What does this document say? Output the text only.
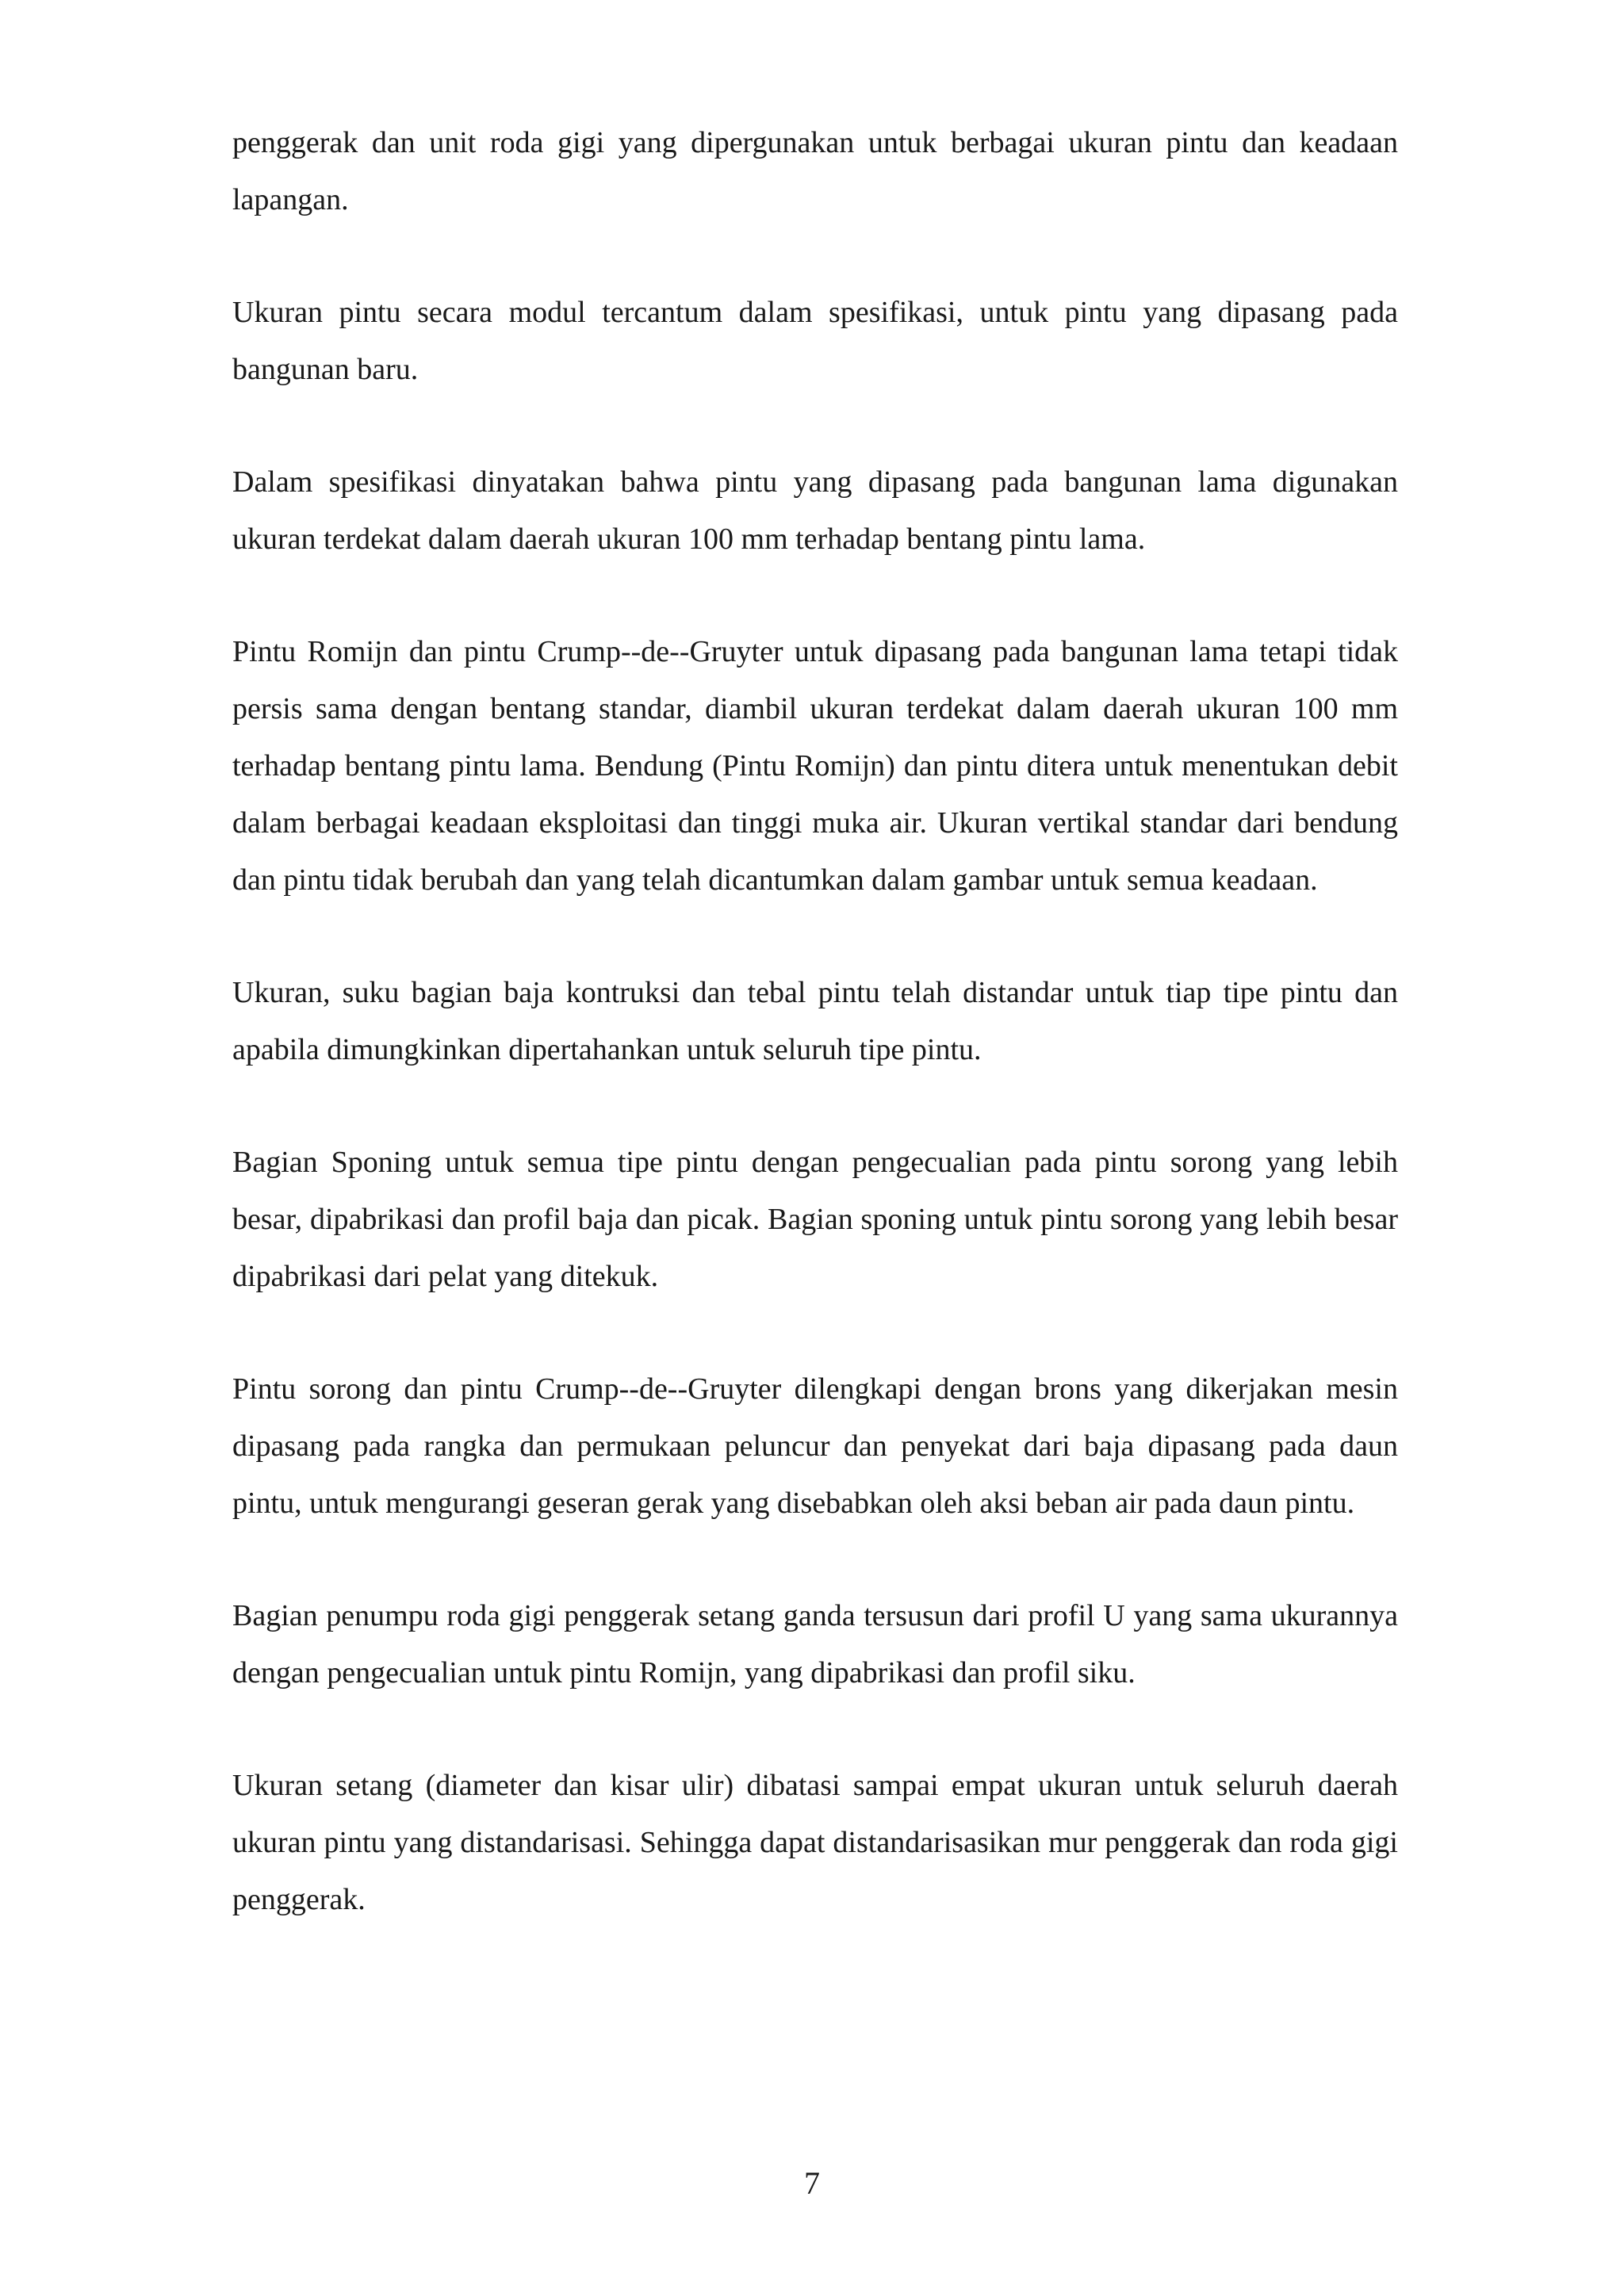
penggerak dan unit roda gigi yang dipergunakan untuk berbagai ukuran pintu dan keadaan lapangan.

Ukuran pintu secara modul tercantum dalam spesifikasi, untuk pintu yang dipasang pada bangunan baru.

Dalam spesifikasi dinyatakan bahwa pintu yang dipasang pada bangunan lama digunakan ukuran terdekat dalam daerah ukuran 100 mm terhadap bentang pintu lama.

Pintu Romijn dan pintu Crump--de--Gruyter untuk dipasang pada bangunan lama tetapi tidak persis sama dengan bentang standar, diambil ukuran terdekat dalam daerah ukuran 100 mm terhadap bentang pintu lama. Bendung (Pintu Romijn) dan pintu ditera untuk menentukan debit dalam berbagai keadaan eksploitasi dan tinggi muka air. Ukuran vertikal standar dari bendung dan pintu tidak berubah dan yang telah dicantumkan dalam gambar untuk semua keadaan.

Ukuran, suku bagian baja kontruksi dan tebal pintu telah distandar untuk tiap tipe pintu dan apabila dimungkinkan dipertahankan untuk seluruh tipe pintu.

Bagian Sponing untuk semua tipe pintu dengan pengecualian pada pintu sorong yang lebih besar, dipabrikasi dan profil baja dan picak. Bagian sponing untuk pintu sorong yang lebih besar dipabrikasi dari pelat yang ditekuk.

Pintu sorong dan pintu Crump--de--Gruyter dilengkapi dengan brons yang dikerjakan mesin dipasang pada rangka dan permukaan peluncur dan penyekat dari baja dipasang pada daun pintu, untuk mengurangi geseran gerak yang disebabkan oleh aksi beban air pada daun pintu.

Bagian penumpu roda gigi penggerak setang ganda tersusun dari profil U yang sama ukurannya dengan pengecualian untuk pintu Romijn, yang dipabrikasi dan profil siku.

Ukuran setang (diameter dan kisar ulir) dibatasi sampai empat ukuran untuk seluruh daerah ukuran pintu yang distandarisasi. Sehingga dapat distandarisasikan mur penggerak dan roda gigi penggerak.

7
